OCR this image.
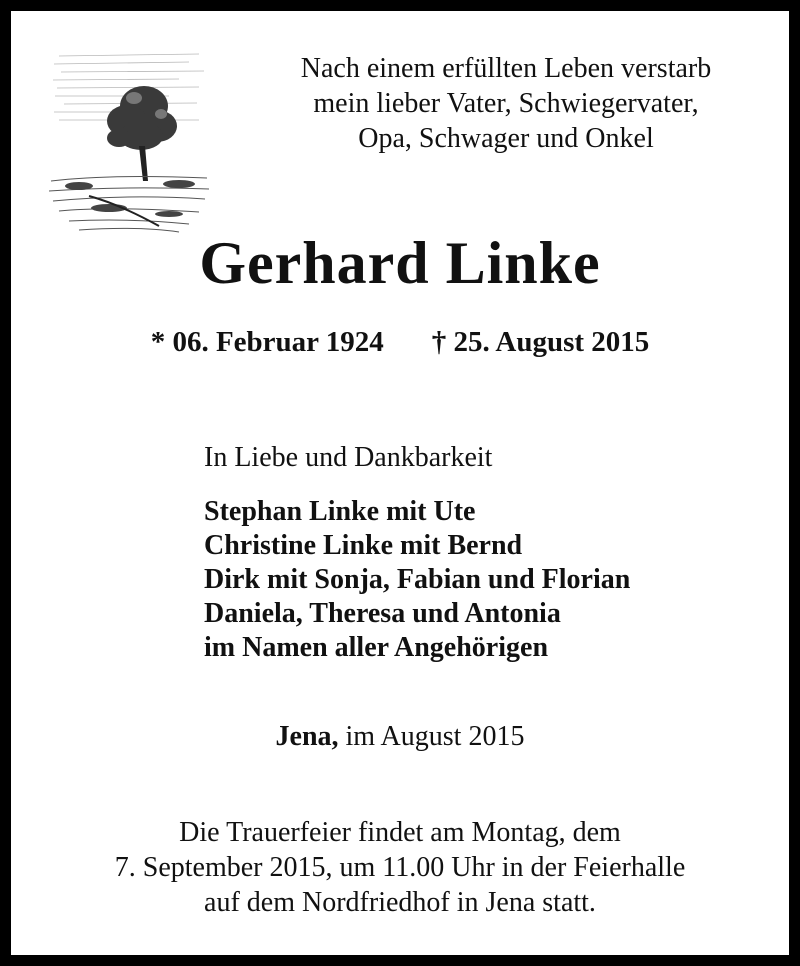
Nach einem erfüllten Leben verstarb
mein lieber Vater, Schwiegervater,
Opa, Schwager und Onkel
Gerhard Linke
* 06. Februar 1924 † 25. August 2015
In Liebe und Dankbarkeit
Stephan Linke mit Ute
Christine Linke mit Bernd
Dirk mit Sonja, Fabian und Florian
Daniela, Theresa und Antonia
im Namen aller Angehörigen
Jena, im August 2015
Die Trauerfeier findet am Montag, dem
7. September 2015, um 11.00 Uhr in der Feierhalle
auf dem Nordfriedhof in Jena statt.
